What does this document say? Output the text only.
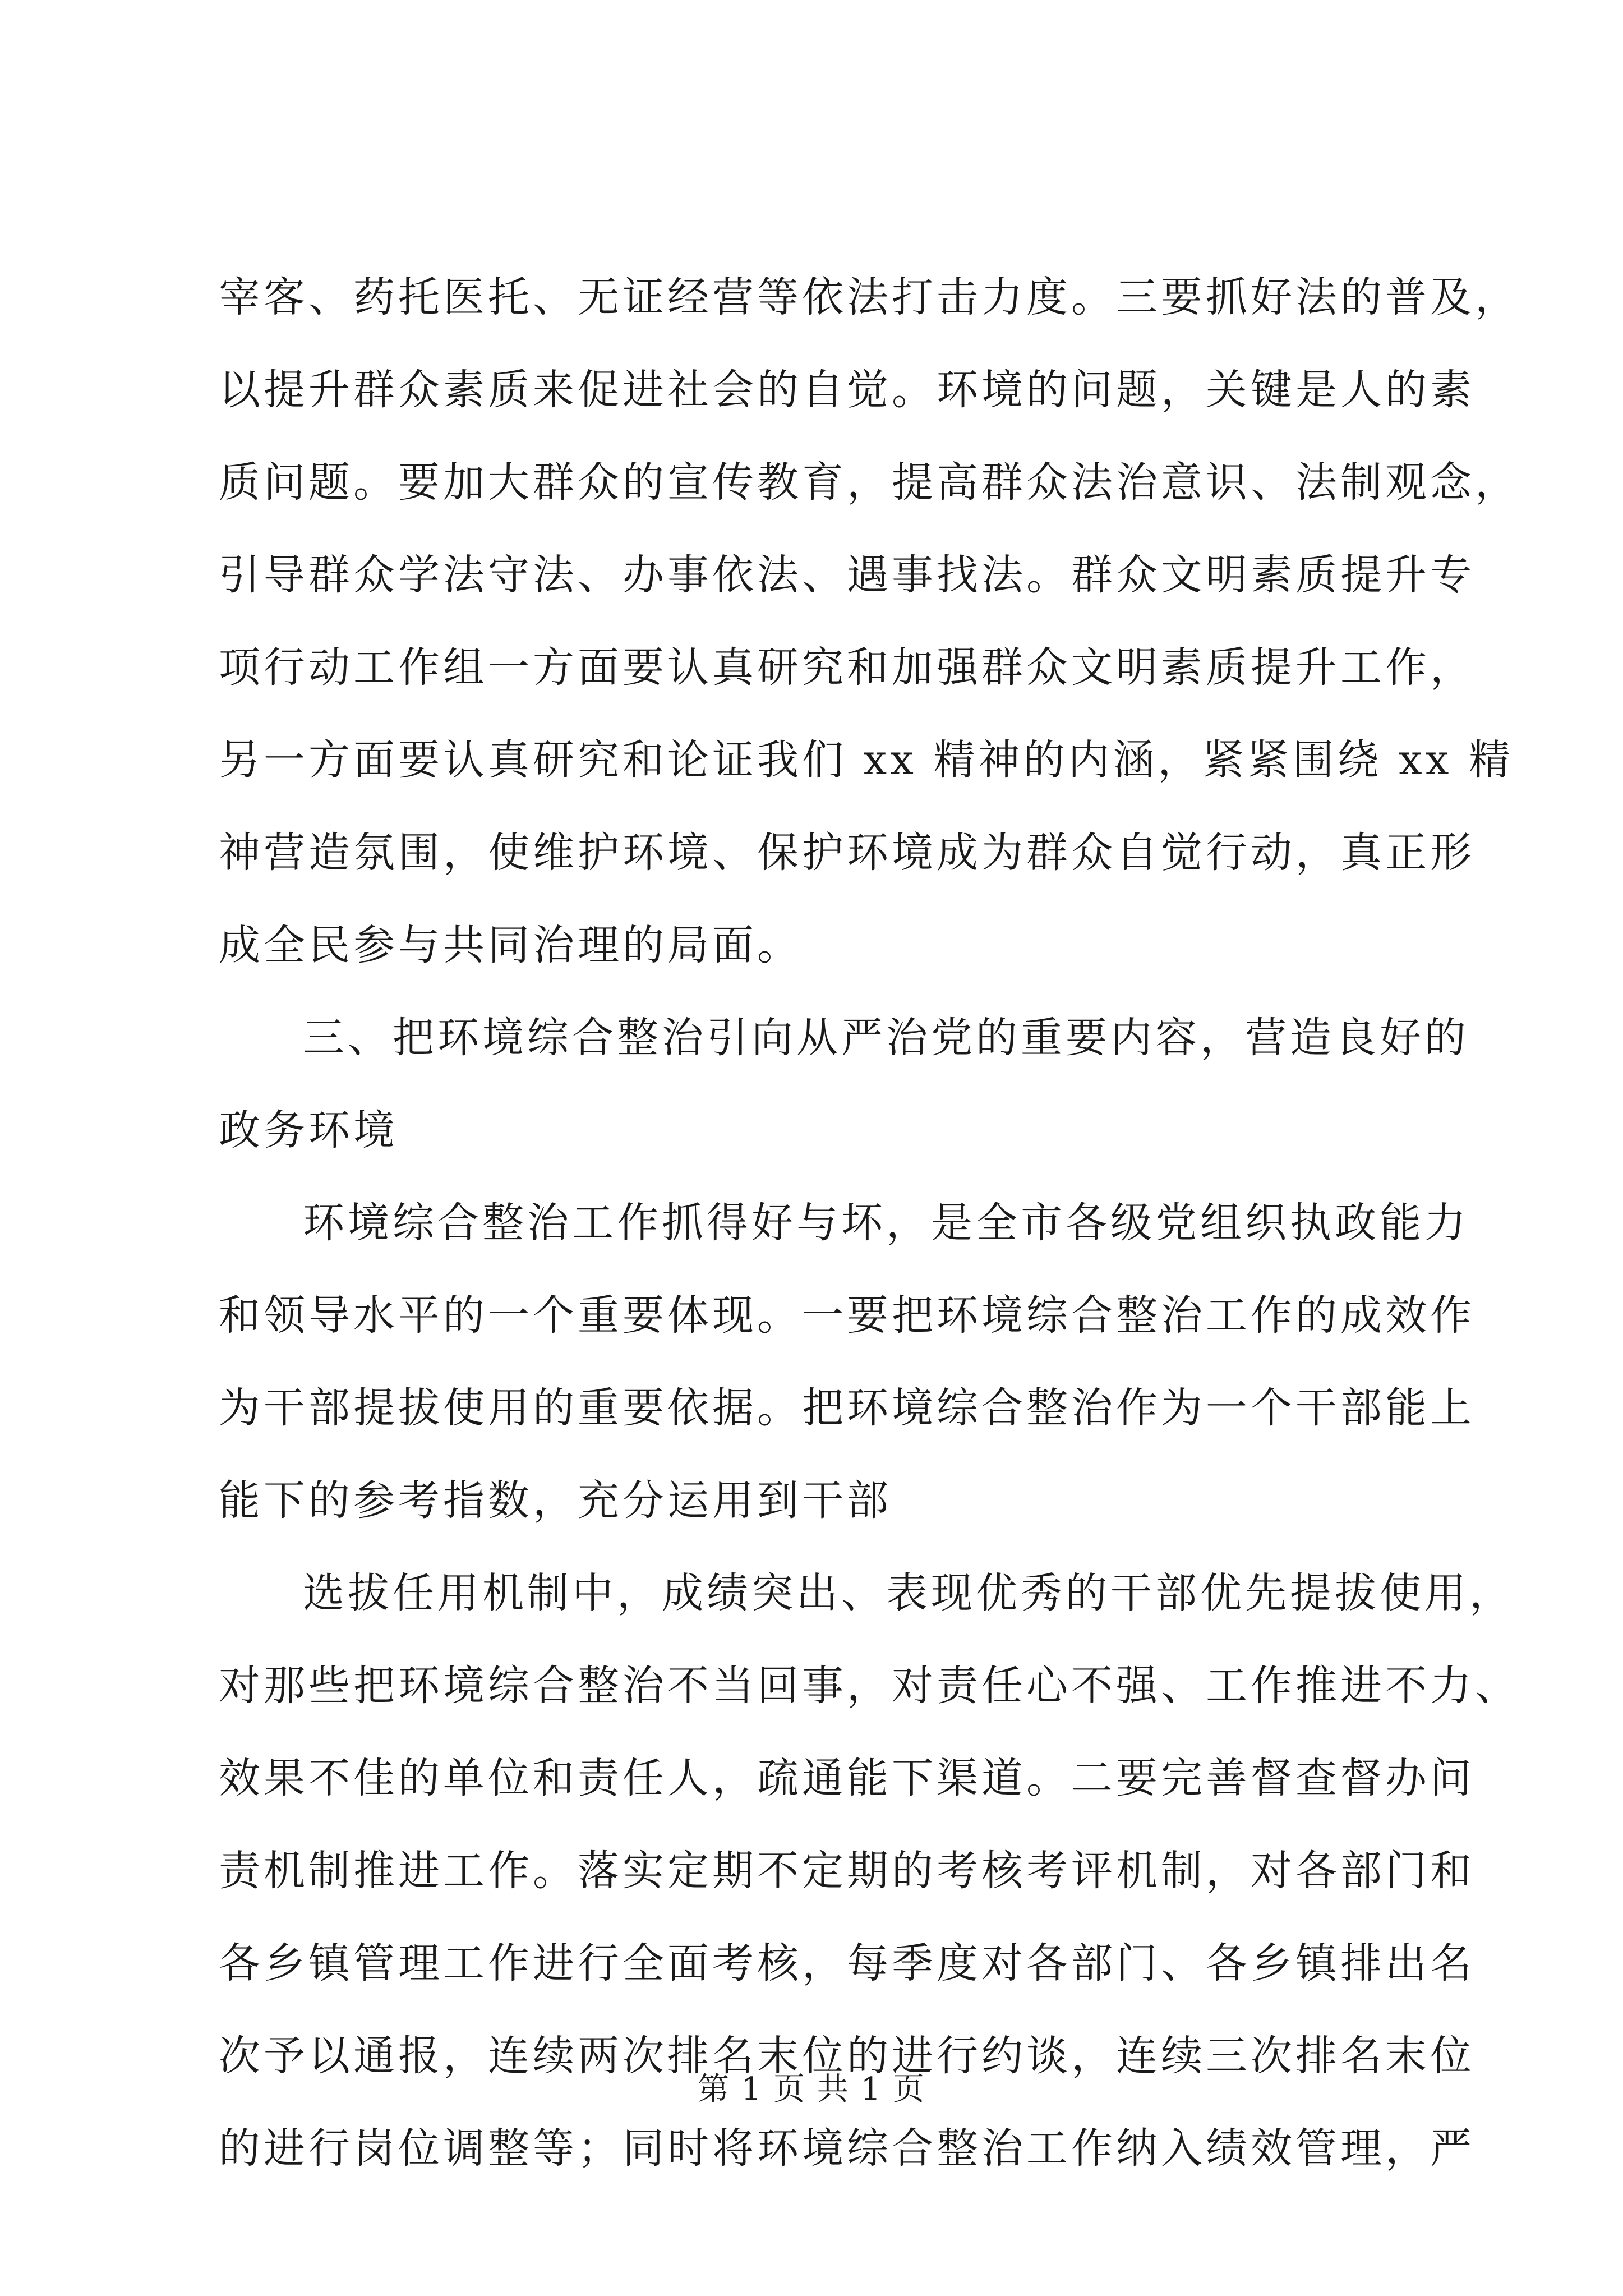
宰客、药托医托、无证经营等依法打击力度。三要抓好法的普及，
以提升群众素质来促进社会的自觉。环境的问题，关键是人的素
质问题。要加大群众的宣传教育，提高群众法治意识、法制观念，
引导群众学法守法、办事依法、遇事找法。群众文明素质提升专
项行动工作组一方面要认真研究和加强群众文明素质提升工作，
另一方面要认真研究和论证我们 xx 精神的内涵，紧紧围绕 xx 精
神营造氛围，使维护环境、保护环境成为群众自觉行动，真正形
成全民参与共同治理的局面。
三、把环境综合整治引向从严治党的重要内容，营造良好的
政务环境
环境综合整治工作抓得好与坏，是全市各级党组织执政能力
和领导水平的一个重要体现。一要把环境综合整治工作的成效作
为干部提拔使用的重要依据。把环境综合整治作为一个干部能上
能下的参考指数，充分运用到干部
选拔任用机制中，成绩突出、表现优秀的干部优先提拔使用，
对那些把环境综合整治不当回事，对责任心不强、工作推进不力、
效果不佳的单位和责任人，疏通能下渠道。二要完善督查督办问
责机制推进工作。落实定期不定期的考核考评机制，对各部门和
各乡镇管理工作进行全面考核，每季度对各部门、各乡镇排出名
次予以通报，连续两次排名末位的进行约谈，连续三次排名末位
的进行岗位调整等；同时将环境综合整治工作纳入绩效管理，严
第 1 页 共 1 页
